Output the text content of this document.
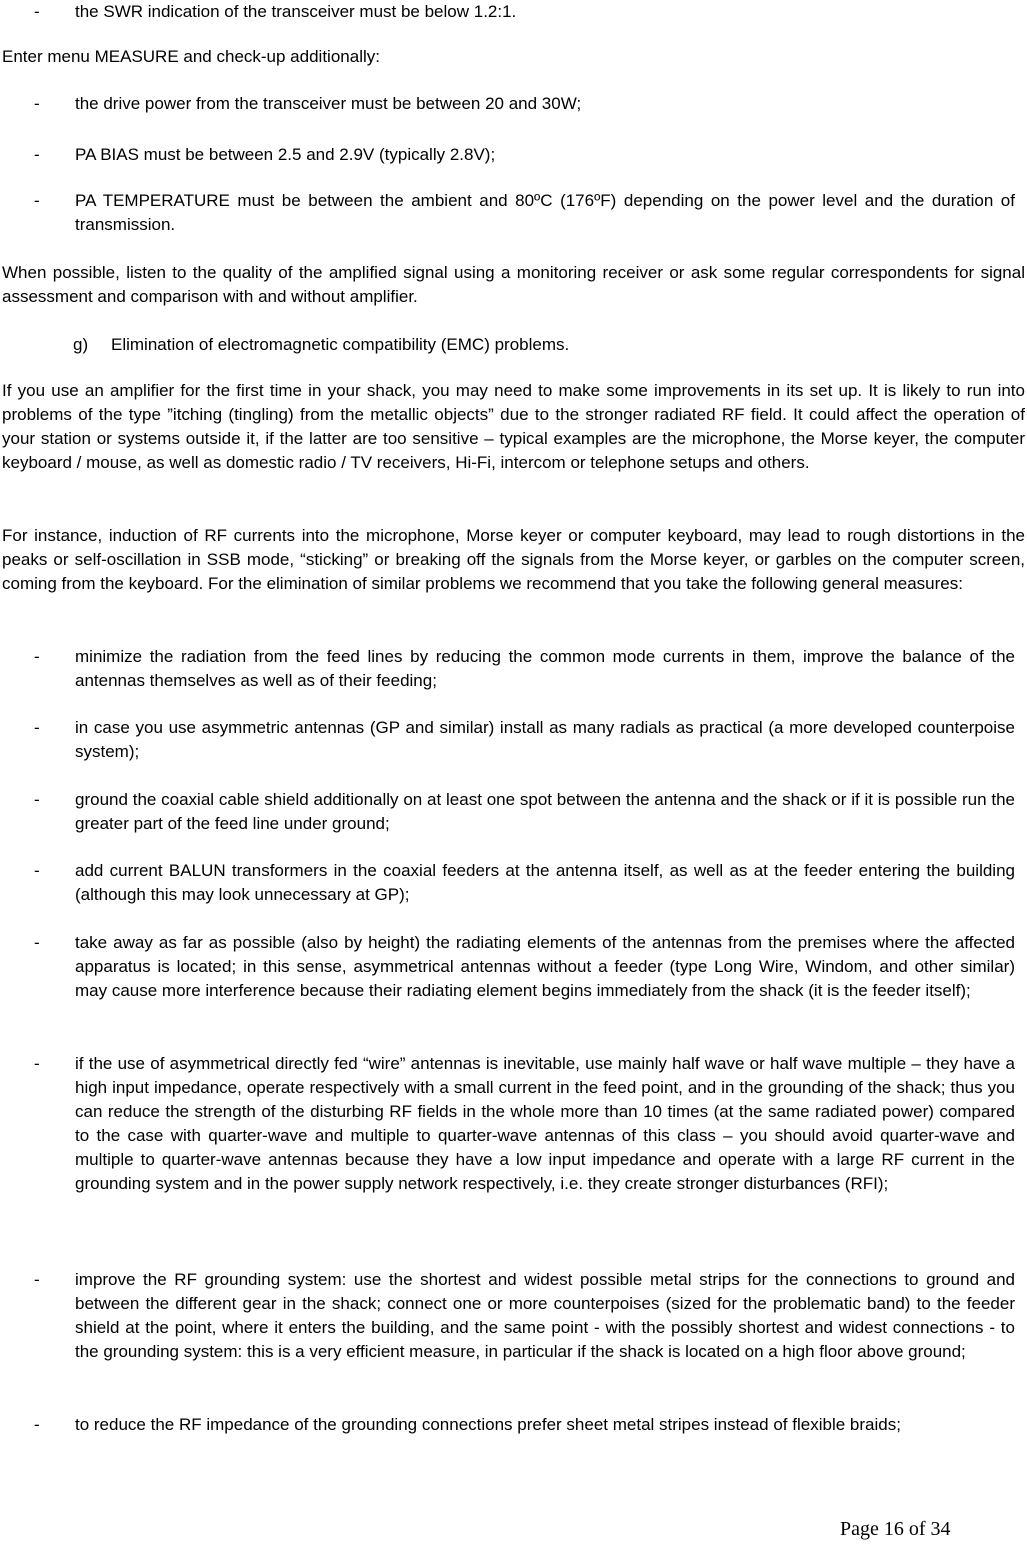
- the SWR indication of the transceiver must be below 1.2:1.
Enter menu MEASURE and check-up additionally:
- the drive power from the transceiver must be between 20 and 30W;
- PA BIAS must be between 2.5 and 2.9V (typically 2.8V);
- PA TEMPERATURE must be between the ambient and 80ºC (176ºF) depending on the power level and the duration of transmission.
When possible, listen to the quality of the amplified signal using a monitoring receiver or ask some regular correspondents for signal assessment and comparison with and without amplifier.
g) Elimination of electromagnetic compatibility (EMC) problems.
If you use an amplifier for the first time in your shack, you may need to make some improvements in its set up. It is likely to run into problems of the type ”itching (tingling) from the metallic objects” due to the stronger radiated RF field. It could affect the operation of your station or systems outside it, if the latter are too sensitive – typical examples are the microphone, the Morse keyer, the computer keyboard / mouse, as well as domestic radio / TV receivers, Hi-Fi, intercom or telephone setups and others.
For instance, induction of RF currents into the microphone, Morse keyer or computer keyboard, may lead to rough distortions in the peaks or self-oscillation in SSB mode, “sticking” or breaking off the signals from the Morse keyer, or garbles on the computer screen, coming from the keyboard. For the elimination of similar problems we recommend that you take the following general measures:
- minimize the radiation from the feed lines by reducing the common mode currents in them, improve the balance of the antennas themselves as well as of their feeding;
- in case you use asymmetric antennas (GP and similar) install as many radials as practical (a more developed counterpoise system);
- ground the coaxial cable shield additionally on at least one spot between the antenna and the shack or if it is possible run the greater part of the feed line under ground;
- add current BALUN transformers in the coaxial feeders at the antenna itself, as well as at the feeder entering the building (although this may look unnecessary at GP);
- take away as far as possible (also by height) the radiating elements of the antennas from the premises where the affected apparatus is located; in this sense, asymmetrical antennas without a feeder (type Long Wire, Windom, and other similar) may cause more interference because their radiating element begins immediately from the shack (it is the feeder itself);
- if the use of asymmetrical directly fed “wire” antennas is inevitable, use mainly half wave or half wave multiple – they have a high input impedance, operate respectively with a small current in the feed point, and in the grounding of the shack; thus you can reduce the strength of the disturbing RF fields in the whole more than 10 times (at the same radiated power) compared to the case with quarter-wave and multiple to quarter-wave antennas of this class – you should avoid quarter-wave and multiple to quarter-wave antennas because they have a low input impedance and operate with a large RF current in the grounding system and in the power supply network respectively, i.e. they create stronger disturbances (RFI);
- improve the RF grounding system: use the shortest and widest possible metal strips for the connections to ground and between the different gear in the shack; connect one or more counterpoises (sized for the problematic band) to the feeder shield at the point, where it enters the building, and the same point - with the possibly shortest and widest connections - to the grounding system: this is a very efficient measure, in particular if the shack is located on a high floor above ground;
- to reduce the RF impedance of the grounding connections prefer sheet metal stripes instead of flexible braids;
Page 16 of 34
